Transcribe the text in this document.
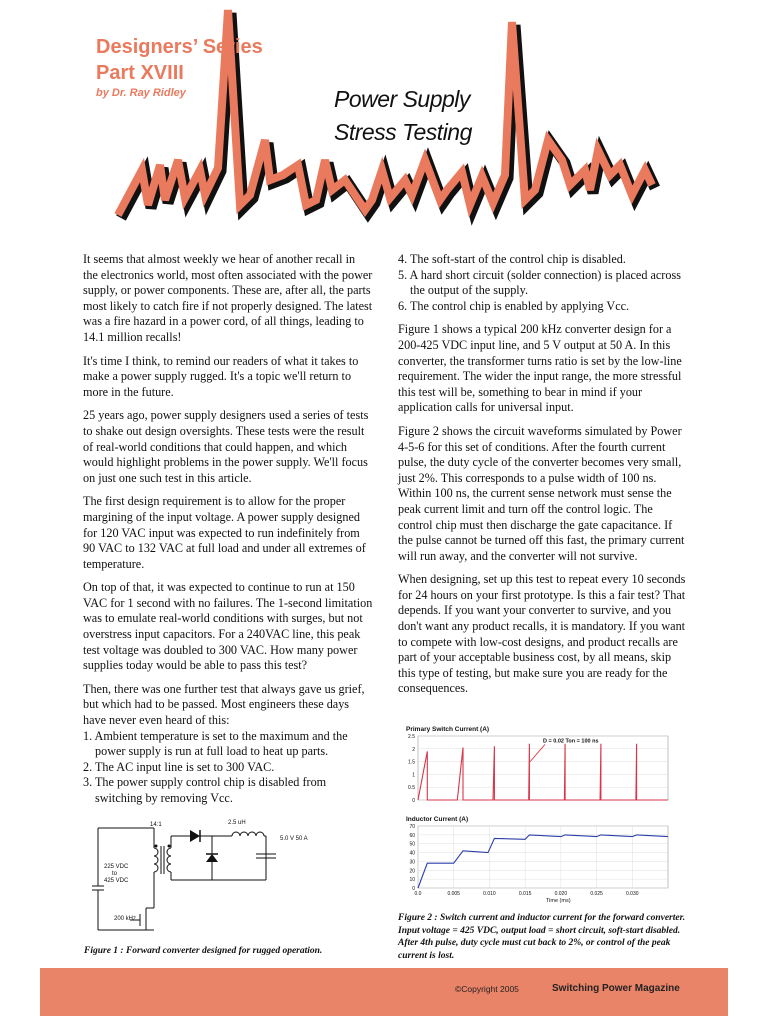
Designers’ Series
Part XVIII
by Dr. Ray Ridley	Power Supply
Stress Testing

It seems that almost weekly we hear of another recall in the electronics world, most often associated with the power supply, or power components. These are, after all, the parts most likely to catch fire if not properly designed. The latest was a fire hazard in a power cord, of all things, leading to 14.1 million recalls!

It's time I think, to remind our readers of what it takes to make a power supply rugged. It's a topic we'll return to more in the future.

25 years ago, power supply designers used a series of tests to shake out design oversights. These tests were the result of real-world conditions that could happen, and which would highlight problems in the power supply. We'll focus on just one such test in this article.

The first design requirement is to allow for the proper margining of the input voltage. A power supply designed for 120 VAC input was expected to run indefinitely from 90 VAC to 132 VAC at full load and under all extremes of temperature.

On top of that, it was expected to continue to run at 150 VAC for 1 second with no failures. The 1-second limitation was to emulate real-world conditions with surges, but not overstress input capacitors. For a 240VAC line, this peak test voltage was doubled to 300 VAC. How many power supplies today would be able to pass this test?

Then, there was one further test that always gave us grief, but which had to be passed. Most engineers these days have never even heard of this:

1. Ambient temperature is set to the maximum and the power supply is run at full load to heat up parts.
2. The AC input line is set to 300 VAC.
3. The power supply control chip is disabled from switching by removing Vcc.
4. The soft-start of the control chip is disabled.
5. A hard short circuit (solder connection) is placed across the output of the supply.
6. The control chip is enabled by applying Vcc.

Figure 1 shows a typical 200 kHz converter design for a 200-425 VDC input line, and 5 V output at 50 A. In this converter, the transformer turns ratio is set by the low-line requirement. The wider the input range, the more stressful this test will be, something to bear in mind if your application calls for universal input.

Figure 2 shows the circuit waveforms simulated by Power 4-5-6 for this set of conditions. After the fourth current pulse, the duty cycle of the converter becomes very small, just 2%. This corresponds to a pulse width of 100 ns. Within 100 ns, the current sense network must sense the peak current limit and turn off the control logic. The control chip must then discharge the gate capacitance. If the pulse cannot be turned off this fast, the primary current will run away, and the converter will not survive.

When designing, set up this test to repeat every 10 seconds for 24 hours on your first prototype. Is this a fair test? That depends. If you want your converter to survive, and you don't want any product recalls, it is mandatory. If you want to compete with low-cost designs, and product recalls are part of your acceptable business cost, by all means, skip this type of testing, but make sure you are ready for the consequences.

14:1	2.5 uH
5.0 V 50 A
225 VDC
to
425 VDC
200 kHz
Figure 1 : Forward converter designed for rugged operation.
Primary Switch Current (A)
2.5
2
1.5
1
0.5
0
D = 0.02 Ton = 100 ns
Inductor Current (A)
70
60
50
40
30
20
10
0
0.0	0.005	0.010	0.015	0.020	0.025	0.030
Time (ms)
Figure 2 : Switch current and inductor current for the forward converter. Input voltage = 425 VDC, output load = short circuit, soft-start disabled. After 4th pulse, duty cycle must cut back to 2%, or control of the peak current is lost.
©Copyright 2005	Switching Power Magazine
